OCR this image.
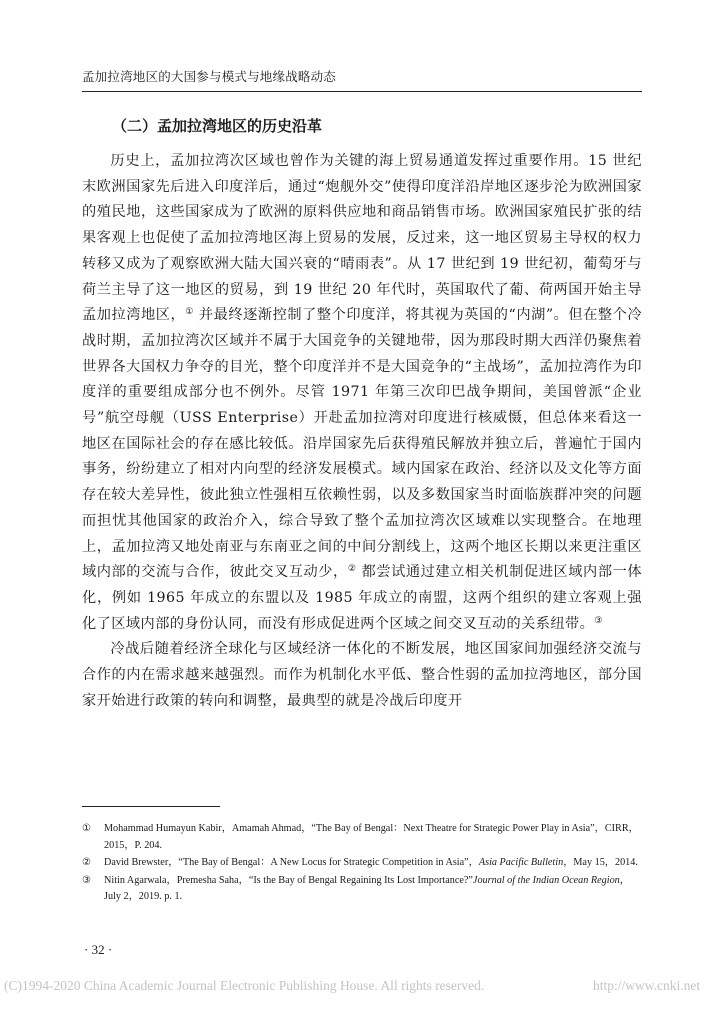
孟加拉湾地区的大国参与模式与地缘战略动态

（二）孟加拉湾地区的历史沿革

历史上，孟加拉湾次区域也曾作为关键的海上贸易通道发挥过重要作用。15 世纪末欧洲国家先后进入印度洋后，通过“炮舰外交”使得印度洋沿岸地区逐步沦为欧洲国家的殖民地，这些国家成为了欧洲的原料供应地和商品销售市场。欧洲国家殖民扩张的结果客观上也促使了孟加拉湾地区海上贸易的发展，反过来，这一地区贸易主导权的权力转移又成为了观察欧洲大陆大国兴衰的“晴雨表”。从 17 世纪到 19 世纪初，葡萄牙与荷兰主导了这一地区的贸易，到 19 世纪 20 年代时，英国取代了葡、荷两国开始主导孟加拉湾地区，① 并最终逐渐控制了整个印度洋，将其视为英国的“内湖”。但在整个冷战时期，孟加拉湾次区域并不属于大国竞争的关键地带，因为那段时期大西洋仍聚焦着世界各大国权力争夺的目光，整个印度洋并不是大国竞争的“主战场”，孟加拉湾作为印度洋的重要组成部分也不例外。尽管 1971 年第三次印巴战争期间，美国曾派“企业号”航空母舰（USS Enterprise）开赴孟加拉湾对印度进行核威慑，但总体来看这一地区在国际社会的存在感比较低。沿岸国家先后获得殖民解放并独立后，普遍忙于国内事务，纷纷建立了相对内向型的经济发展模式。域内国家在政治、经济以及文化等方面存在较大差异性，彼此独立性强相互依赖性弱，以及多数国家当时面临族群冲突的问题而担忧其他国家的政治介入，综合导致了整个孟加拉湾次区域难以实现整合。在地理上，孟加拉湾又地处南亚与东南亚之间的中间分割线上，这两个地区长期以来更注重区域内部的交流与合作，彼此交叉互动少，② 都尝试通过建立相关机制促进区域内部一体化，例如 1965 年成立的东盟以及 1985 年成立的南盟，这两个组织的建立客观上强化了区域内部的身份认同，而没有形成促进两个区域之间交叉互动的关系纽带。③

冷战后随着经济全球化与区域经济一体化的不断发展，地区国家间加强经济交流与合作的内在需求越来越强烈。而作为机制化水平低、整合性弱的孟加拉湾地区，部分国家开始进行政策的转向和调整，最典型的就是冷战后印度开

①	Mohammad Humayun Kabir，Amamah Ahmad，“The Bay of Bengal：Next Theatre for Strategic Power Play in Asia”，CIRR，2015，P. 204.
②	David Brewster，“The Bay of Bengal：A New Locus for Strategic Competition in Asia”，Asia Pacific Bulletin，May 15，2014.
③	Nitin Agarwala，Premesha Saha，“Is the Bay of Bengal Regaining Its Lost Importance?”Journal of the Indian Ocean Region，July 2，2019. p. 1.

· 32 ·

(C)1994-2020 China Academic Journal Electronic Publishing House. All rights reserved.	http://www.cnki.net
